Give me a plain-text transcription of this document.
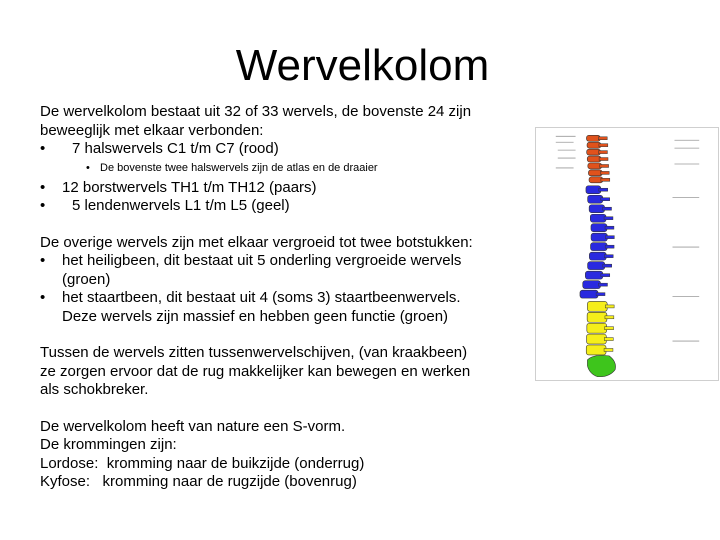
Wervelkolom
De wervelkolom bestaat uit 32 of 33 wervels, de bovenste 24 zijn
beweeglijk met elkaar verbonden:
• 7 halswervels C1 t/m C7 (rood)
• De bovenste twee halswervels zijn de atlas en de draaier
• 12 borstwervels TH1 t/m TH12 (paars)
• 5 lendenwervels L1 t/m L5 (geel)
De overige wervels zijn met elkaar vergroeid tot twee botstukken:
• het heiligbeen, dit bestaat uit 5 onderling vergroeide wervels
(groen)
• het staartbeen, dit bestaat uit 4 (soms 3) staartbeenwervels.
Deze wervels zijn massief en hebben geen functie (groen)
Tussen de wervels zitten tussenwervelschijven, (van kraakbeen)
ze zorgen ervoor dat de rug makkelijker kan bewegen en werken
als schokbreker.
De wervelkolom heeft van nature een S-vorm.
De krommingen zijn:
Lordose:  kromming naar de buikzijde (onderrug)
Kyfose:   kromming naar de rugzijde (bovenrug)
